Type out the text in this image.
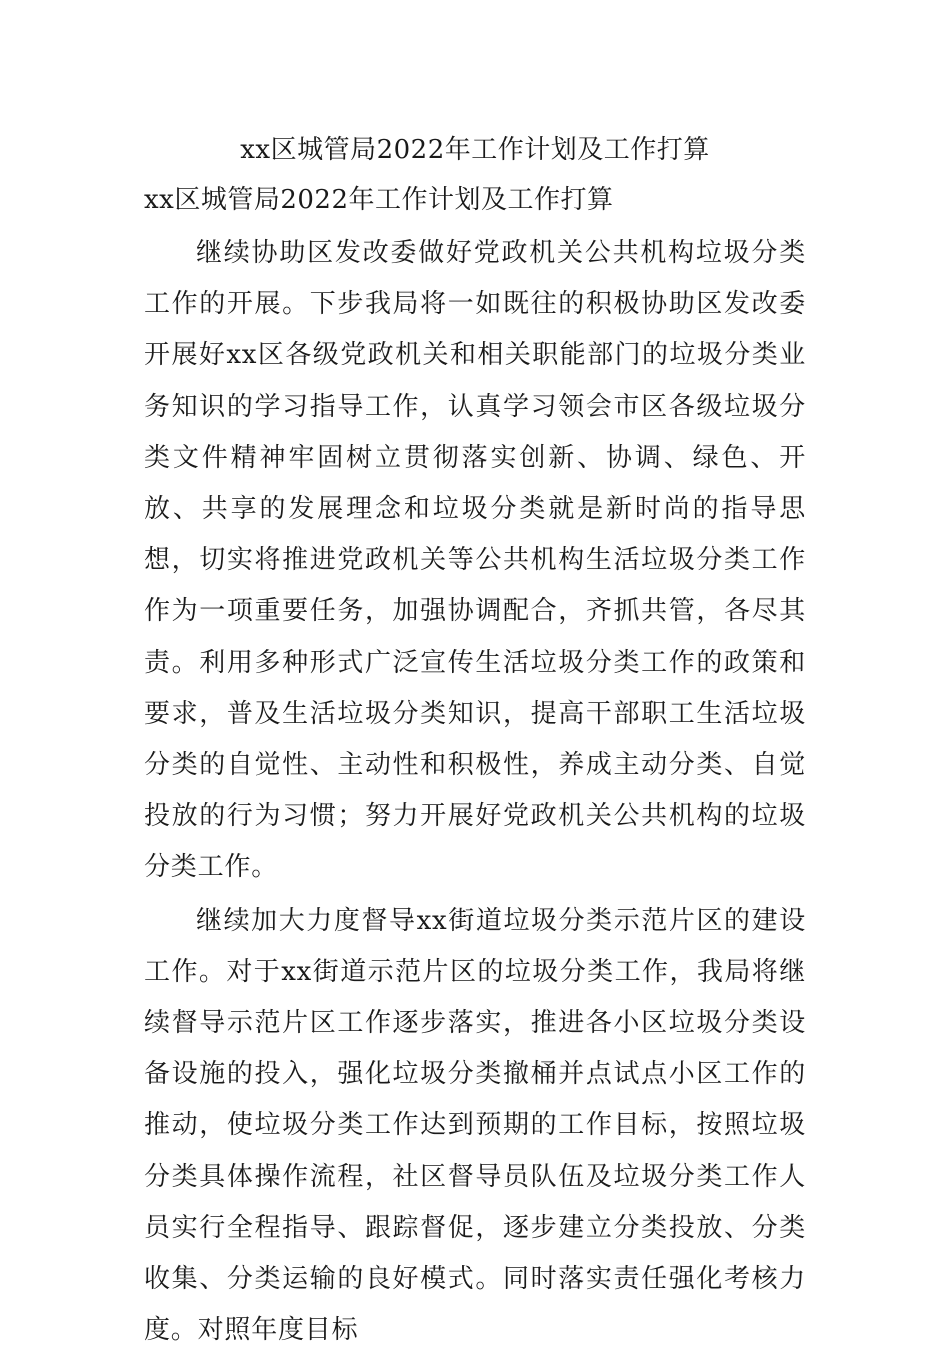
xx区城管局2022年工作计划及工作打算
xx区城管局2022年工作计划及工作打算

继续协助区发改委做好党政机关公共机构垃圾分类工作的开展。下步我局将一如既往的积极协助区发改委开展好xx区各级党政机关和相关职能部门的垃圾分类业务知识的学习指导工作，认真学习领会市区各级垃圾分类文件精神牢固树立贯彻落实创新、协调、绿色、开放、共享的发展理念和垃圾分类就是新时尚的指导思想，切实将推进党政机关等公共机构生活垃圾分类工作作为一项重要任务，加强协调配合，齐抓共管，各尽其责。利用多种形式广泛宣传生活垃圾分类工作的政策和要求，普及生活垃圾分类知识，提高干部职工生活垃圾分类的自觉性、主动性和积极性，养成主动分类、自觉投放的行为习惯；努力开展好党政机关公共机构的垃圾分类工作。

继续加大力度督导xx街道垃圾分类示范片区的建设工作。对于xx街道示范片区的垃圾分类工作，我局将继续督导示范片区工作逐步落实，推进各小区垃圾分类设备设施的投入，强化垃圾分类撤桶并点试点小区工作的推动，使垃圾分类工作达到预期的工作目标，按照垃圾分类具体操作流程，社区督导员队伍及垃圾分类工作人员实行全程指导、跟踪督促，逐步建立分类投放、分类收集、分类运输的良好模式。同时落实责任强化考核力度。对照年度目标
